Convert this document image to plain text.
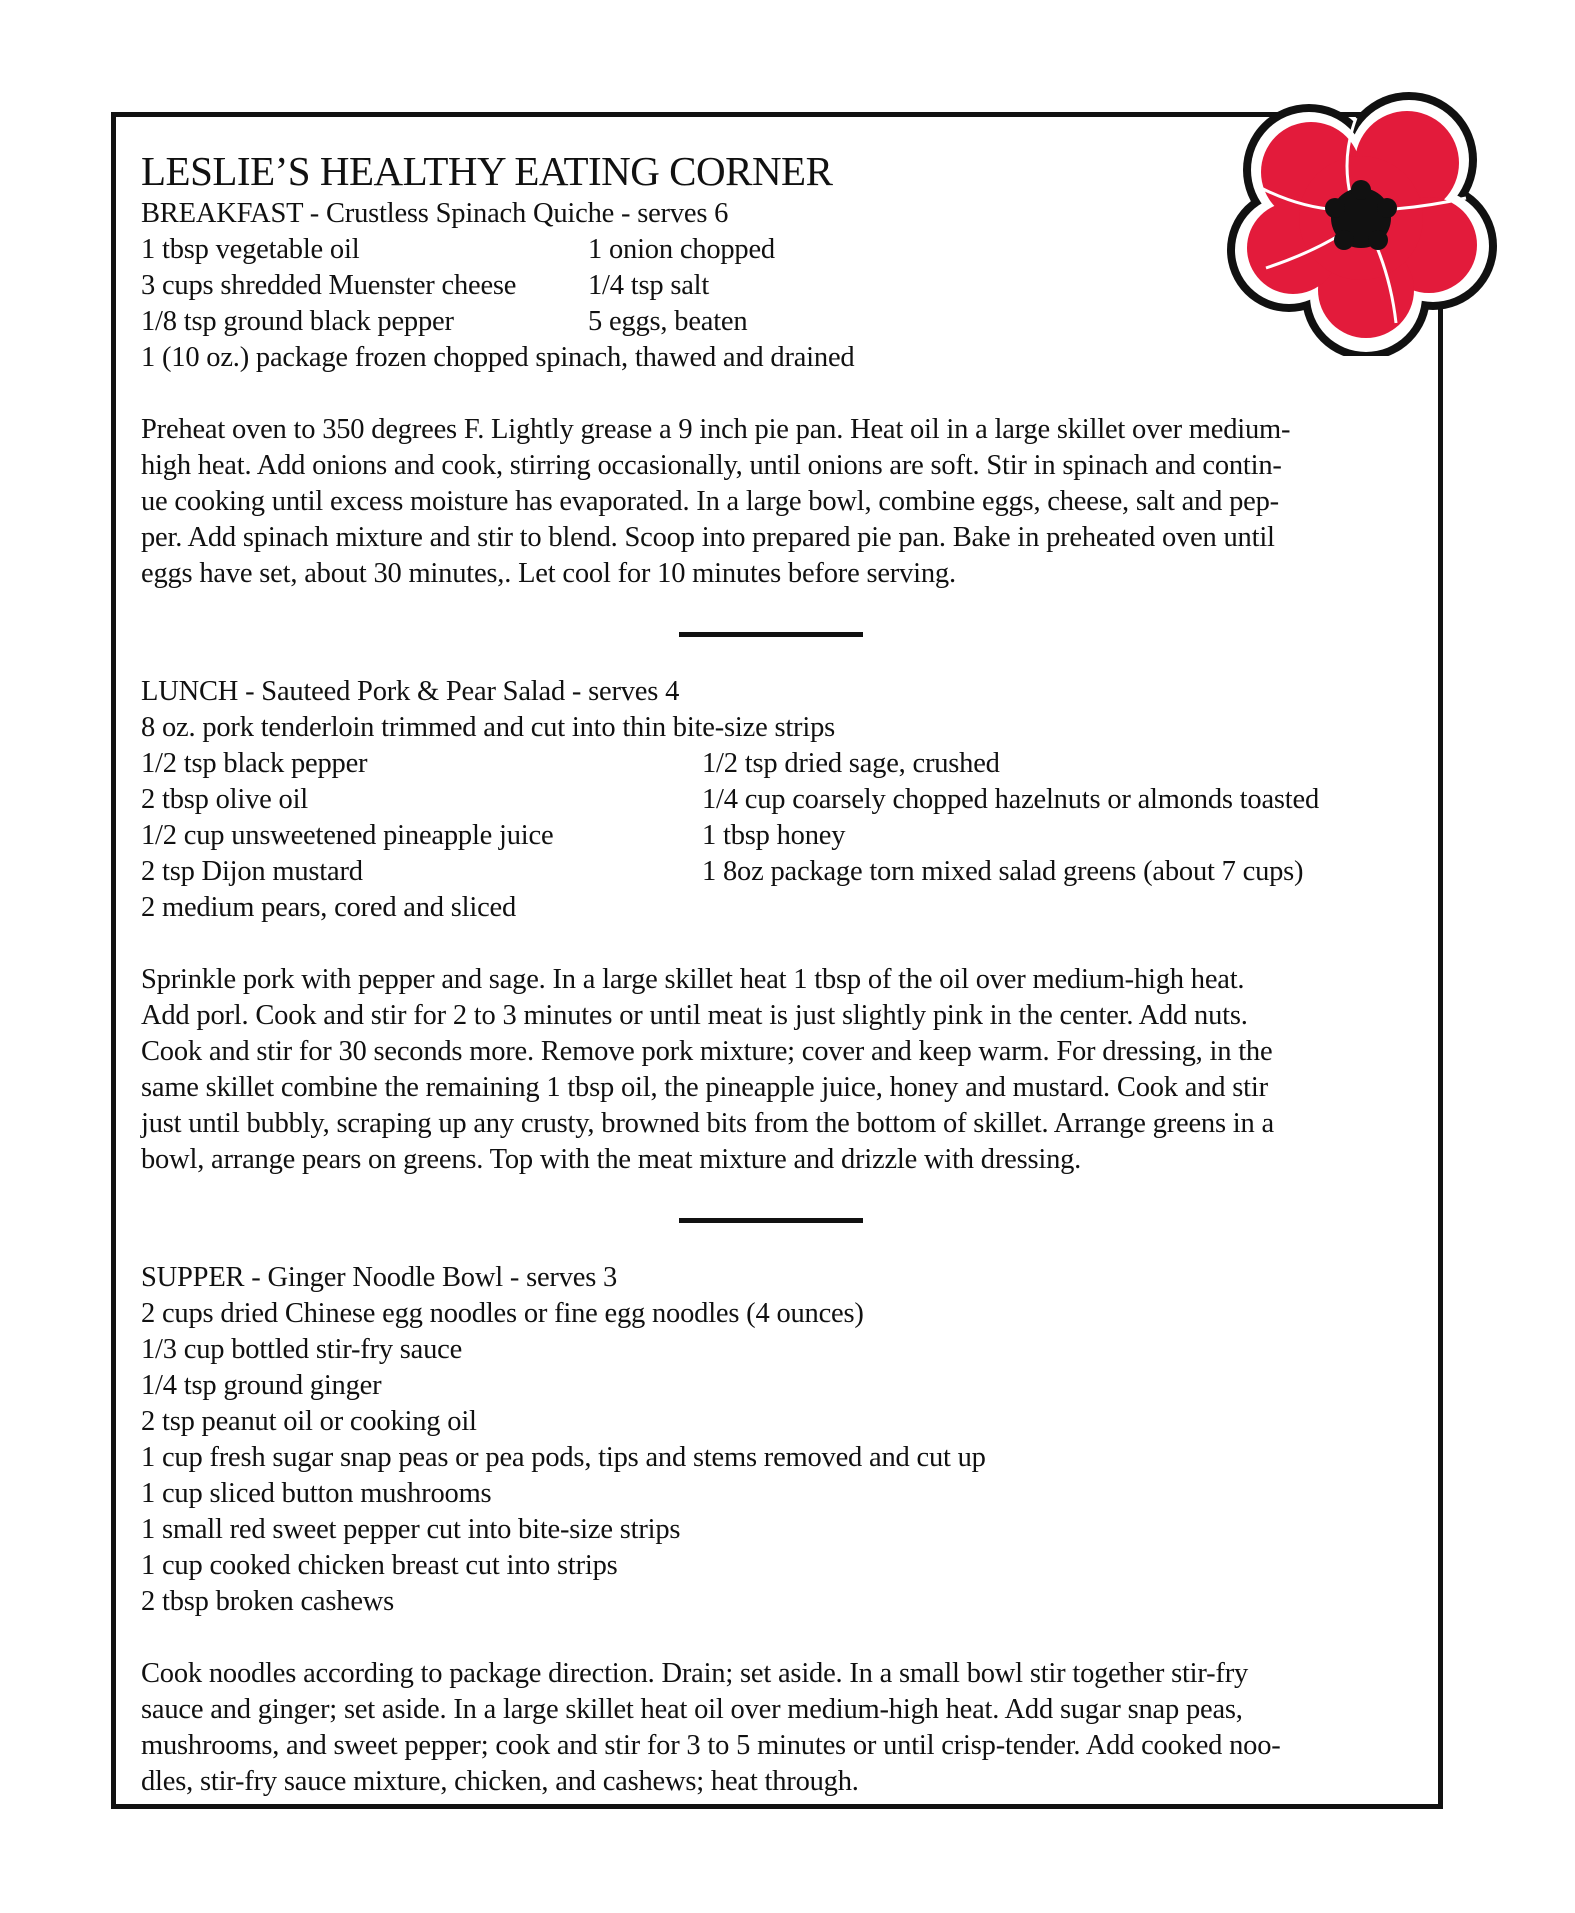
LESLIE’S HEALTHY EATING CORNER
BREAKFAST - Crustless Spinach Quiche - serves 6
1 tbsp vegetable oil	1 onion chopped
3 cups shredded Muenster cheese	1/4 tsp salt
1/8 tsp ground black pepper	5 eggs, beaten
1 (10 oz.) package frozen chopped spinach, thawed and drained
Preheat oven to 350 degrees F. Lightly grease a 9 inch pie pan. Heat oil in a large skillet over medium-
high heat. Add onions and cook, stirring occasionally, until onions are soft. Stir in spinach and contin-
ue cooking until excess moisture has evaporated. In a large bowl, combine eggs, cheese, salt and pep-
per. Add spinach mixture and stir to blend. Scoop into prepared pie pan. Bake in preheated oven until
eggs have set, about 30 minutes,. Let cool for 10 minutes before serving.
LUNCH - Sauteed Pork & Pear Salad - serves 4
8 oz. pork tenderloin trimmed and cut into thin bite-size strips
1/2 tsp black pepper	1/2 tsp dried sage, crushed
2 tbsp olive oil	1/4 cup coarsely chopped hazelnuts or almonds toasted
1/2 cup unsweetened pineapple juice	1 tbsp honey
2 tsp Dijon mustard	1 8oz package torn mixed salad greens (about 7 cups)
2 medium pears, cored and sliced
Sprinkle pork with pepper and sage. In a large skillet heat 1 tbsp of the oil over medium-high heat.
Add porl. Cook and stir for 2 to 3 minutes or until meat is just slightly pink in the center. Add nuts.
Cook and stir for 30 seconds more. Remove pork mixture; cover and keep warm. For dressing, in the
same skillet combine the remaining 1 tbsp oil, the pineapple juice, honey and mustard. Cook and stir
just until bubbly, scraping up any crusty, browned bits from the bottom of skillet. Arrange greens in a
bowl, arrange pears on greens. Top with the meat mixture and drizzle with dressing.
SUPPER - Ginger Noodle Bowl - serves 3
2 cups dried Chinese egg noodles or fine egg noodles (4 ounces)
1/3 cup bottled stir-fry sauce
1/4 tsp ground ginger
2 tsp peanut oil or cooking oil
1 cup fresh sugar snap peas or pea pods, tips and stems removed and cut up
1 cup sliced button mushrooms
1 small red sweet pepper cut into bite-size strips
1 cup cooked chicken breast cut into strips
2 tbsp broken cashews
Cook noodles according to package direction. Drain; set aside. In a small bowl stir together stir-fry
sauce and ginger; set aside. In a large skillet heat oil over medium-high heat. Add sugar snap peas,
mushrooms, and sweet pepper; cook and stir for 3 to 5 minutes or until crisp-tender. Add cooked noo-
dles, stir-fry sauce mixture, chicken, and cashews; heat through.
